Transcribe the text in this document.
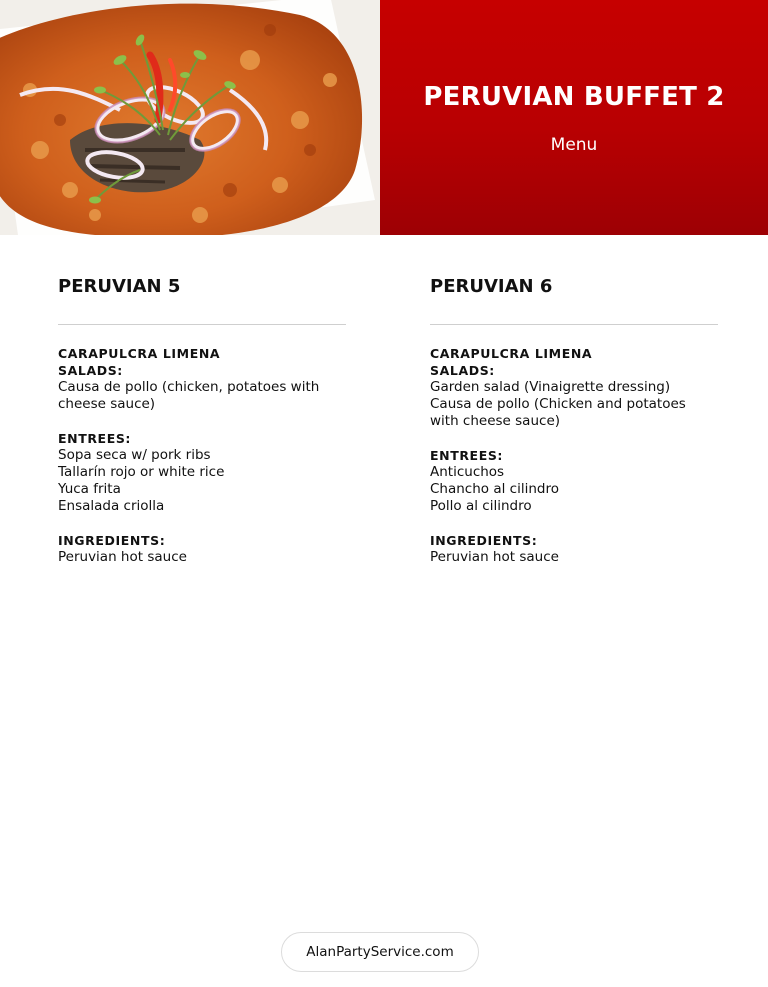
PERUVIAN BUFFET 2

Menu

PERUVIAN 5
CARAPULCRA LIMENA
SALADS:
Causa de pollo (chicken, potatoes with cheese sauce)
ENTREES:
Sopa seca w/ pork ribs
Tallarín rojo or white rice
Yuca frita
Ensalada criolla
INGREDIENTS:
Peruvian hot sauce
PERUVIAN 6
CARAPULCRA LIMENA
SALADS:
Garden salad (Vinaigrette dressing)
Causa de pollo (Chicken and potatoes with cheese sauce)
ENTREES:
Anticuchos
Chancho al cilindro
Pollo al cilindro
INGREDIENTS:
Peruvian hot sauce
AlanPartyService.com
